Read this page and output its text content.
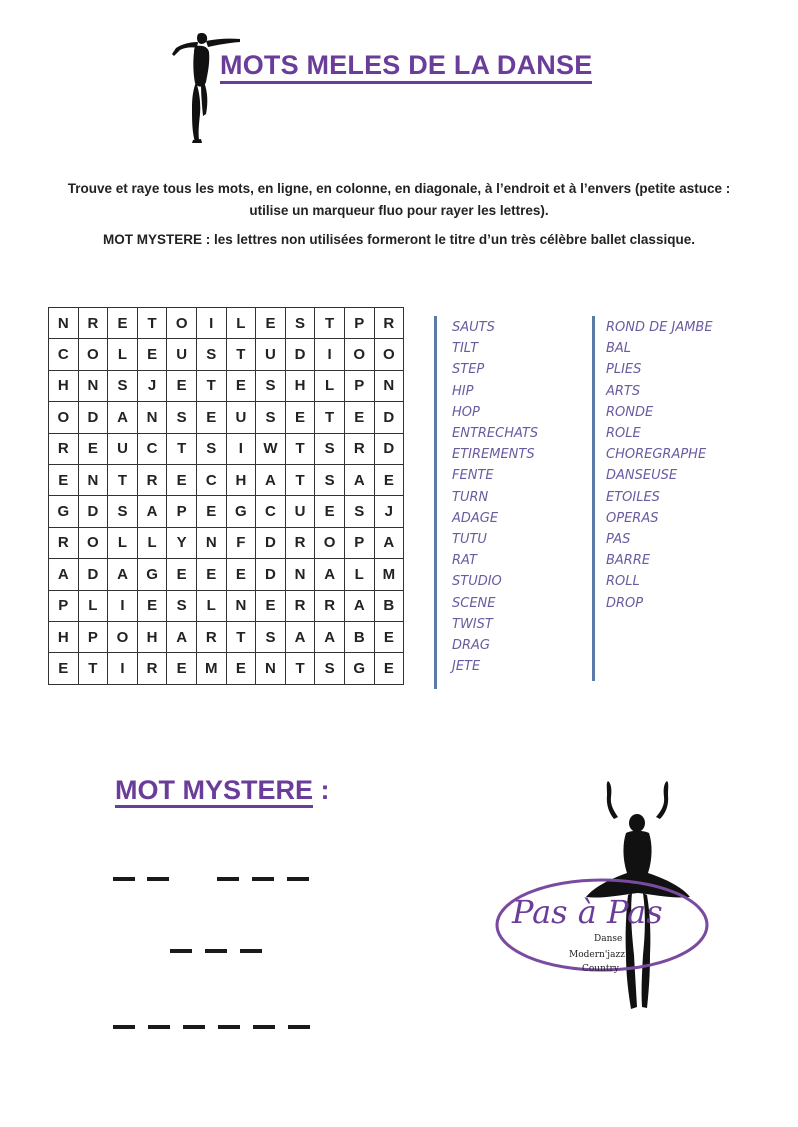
MOTS MELES DE LA DANSE
Trouve et raye tous les mots, en ligne, en colonne, en diagonale, à l’endroit et à l’envers (petite astuce :
utilise un marqueur fluo pour rayer les lettres).
MOT MYSTERE : les lettres non utilisées formeront le titre d’un très célèbre ballet classique.
N	R	E	T	O	I	L	E	S	T	P	R
C	O	L	E	U	S	T	U	D	I	O	O
H	N	S	J	E	T	E	S	H	L	P	N
O	D	A	N	S	E	U	S	E	T	E	D
R	E	U	C	T	S	I	W	T	S	R	D
E	N	T	R	E	C	H	A	T	S	A	E
G	D	S	A	P	E	G	C	U	E	S	J
R	O	L	L	Y	N	F	D	R	O	P	A
A	D	A	G	E	E	E	D	N	A	L	M
P	L	I	E	S	L	N	E	R	R	A	B
H	P	O	H	A	R	T	S	A	A	B	E
E	T	I	R	E	M	E	N	T	S	G	E
SAUTS
TILT
STEP
HIP
HOP
ENTRECHATS
ETIREMENTS
FENTE
TURN
ADAGE
TUTU
RAT
STUDIO
SCENE
TWIST
DRAG
JETE
ROND DE JAMBE
BAL
PLIES
ARTS
RONDE
ROLE
CHOREGRAPHE
DANSEUSE
ETOILES
OPERAS
PAS
BARRE
ROLL
DROP
MOT MYSTERE :
Pas à Pas
Danse
Modern'jazz
Country
